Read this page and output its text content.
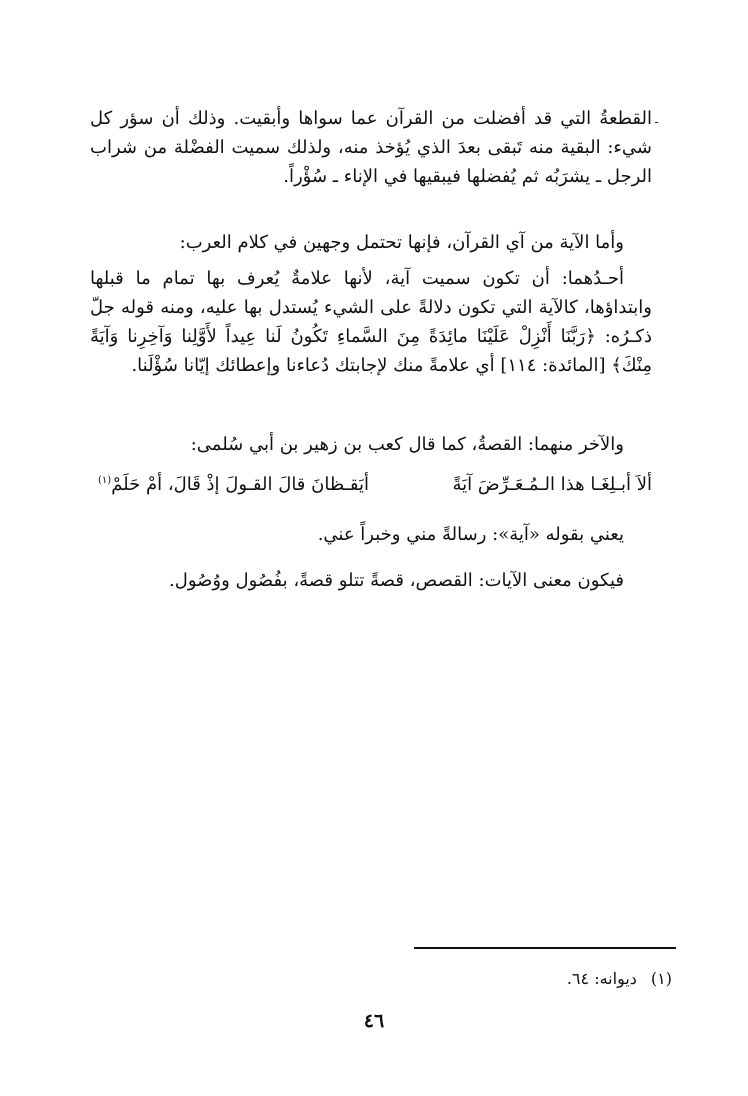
ـ

القطعةُ التي قد أفضلت من القرآن عما سواها وأبقيت. وذلك أن سؤر كل شيء: البقية منه تَبقى بعدَ الذي يُؤخذ منه، ولذلك سميت الفضْلة من شراب الرجل ـ يشرَبُه ثم يُفضلها فيبقيها في الإناء ـ سُؤْراً.

وأما الآية من آي القرآن، فإنها تحتمل وجهين في كلام العرب:

أحـدُهما: أن تكون سميت آية، لأنها علامةٌ يُعرف بها تمام ما قبلها وابتداؤها، كالآية التي تكون دلالةً على الشيء يُستدل بها عليه، ومنه قوله جلّ ذكـرُه: ﴿رَبَّنَا أَنْزِلْ عَلَيْنَا مائِدَةً مِنَ السَّماءِ تَكُونُ لَنا عِيداً لأَوَّلِنا وَآخِرِنا وَآيَةً مِنْكَ﴾ [المائدة: ١١٤] أي علامةً منك لإجابتك دُعاءنا وإعطائك إيّانا سُؤْلَنا.

والآخر منهما: القصةُ، كما قال كعب بن زهير بن أبي سُلمى:

ألاَ أبـلِغَـا هذا الـمُـعَـرِّضَ آيَةً
أيَقـظانَ قالَ القـولَ إذْ قَالَ، أمْ حَلَمْ$^{(١)}$

يعني بقوله «آية»: رسالةً مني وخبراً عني.

فيكون معنى الآيات: القصص، قصةً تتلو قصةً، بفُصُول ووُصُول.

(١)ديوانه: ٦٤.
٤٦
